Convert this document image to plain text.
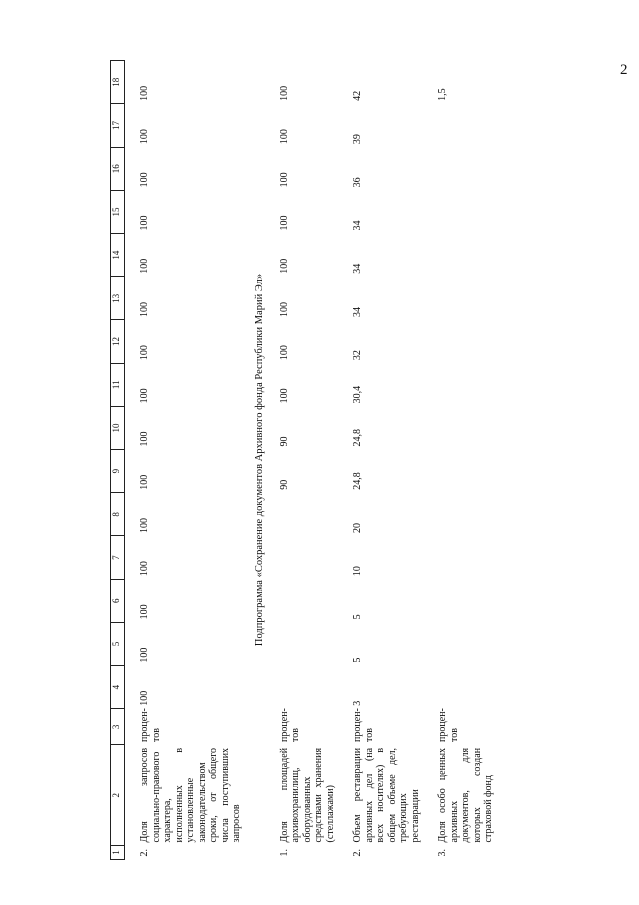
2
1	2	3	4	5	6	7	8	9	10	11	12	13	14	15	16	17	18

2.	Доля запросов социально-правового характера, исполненных в установленные законодательством сроки, от общего числа поступивших запросов	процен-тов	100	100	100	100	100	100	100	100	100	100	100	100	100	100	100
Подпрограмма «Сохранение документов Архивного фонда Республики Марий Эл»																	
1.	Доля площадей архивохранилищ, оборудованных средствами хранения (стеллажами)	процен-тов						90	90	100	100	100	100	100	100	100	100

2.	Объем реставрации архивных дел (на всех носителях) в общем объеме дел, требующих реставрации	процен-тов	3	5	5	10	20	24,8	24,8	30,4	32	34	34	34	36	39	42

3.	Доля особо ценных архивных документов, для которых создан страховой фонд	процен-тов															1,5
